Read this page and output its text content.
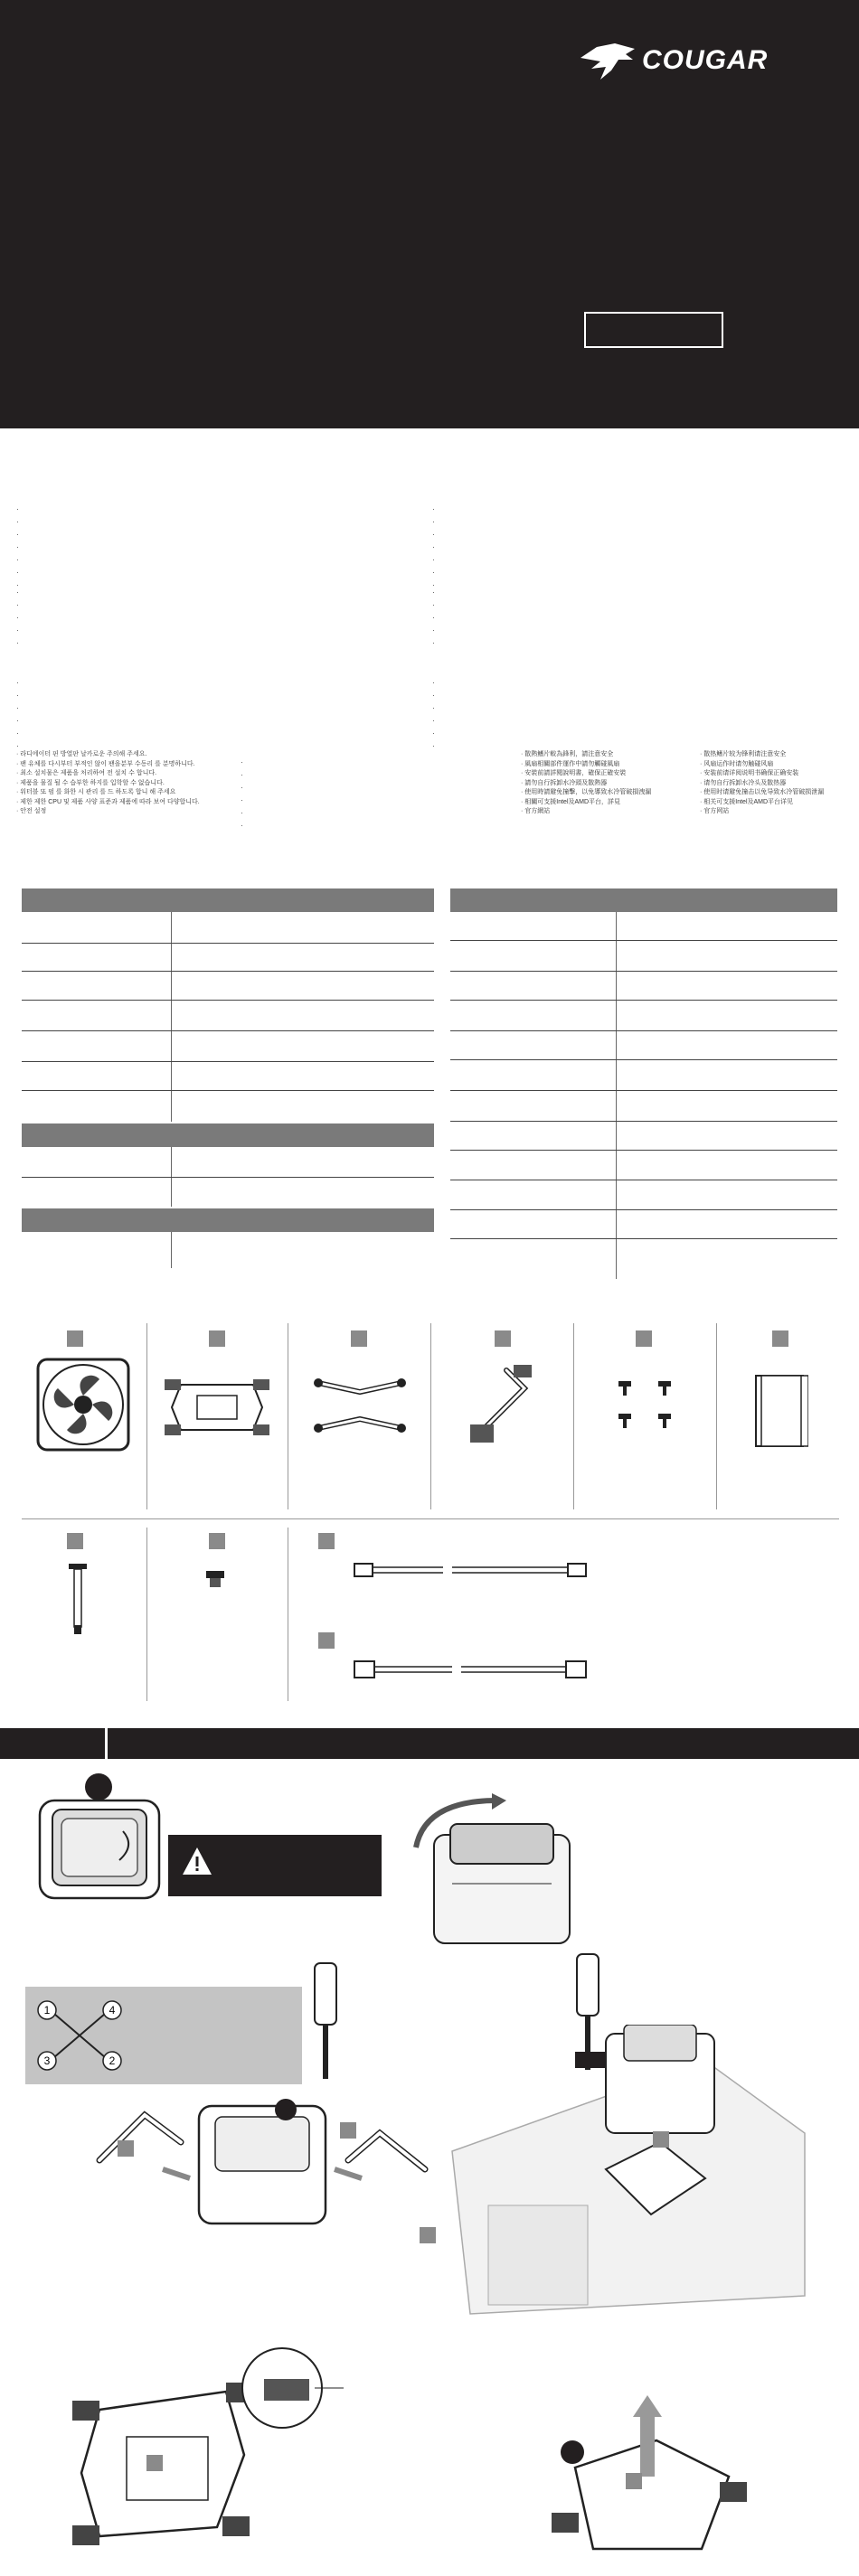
COUGAR
·
·
·
·
·
·
·
·
·
·
·
·
·
·
·
·
·
·
·
·
·
·
·
·
·
·
·
·
·
·
·
·
·
·
·
·
·
·
·
·
·
·
· 라디에이터 핀 방열판 날카로운 주의해 주세요.
· 팬 유체를 다시부터 부적인 않이 팬을분부 수동리 를 분명하니다.
· 최소 설치물은 제품을 처리하여 전 설치 수 합니다.
· 제품을 물질 될 수 습부한 하지를 입학할 수 없습니다.
· 워터블 또 펌 를 화한 시 관리 를 드 하도록 합니 해 주세요
· 제한 제한 CPU 및 제품 사양 표준과 제품에 따라 보여 다양합니다.
· 안전 설정
· 散熱鰭片較為鋒利，請注意安全
· 風扇相關部件運作中請勿觸碰風扇
· 安裝前請詳閱說明書，確保正確安裝
· 請勿自行拆卸水冷頭及散熱器
· 使用時請避免撞擊，以免導致水冷管破損洩漏
· 相關可支援Intel及AMD平台，詳見
· 官方網站
· 散热鳍片较为锋利请注意安全
· 风扇运作时请勿触碰风扇
· 安装前请详阅说明书确保正确安装
· 请勿自行拆卸水冷头及散热器
· 使用时请避免撞击以免导致水冷管破损泄漏
· 相关可支援Intel及AMD平台详见
· 官方网站
1	4
3	2
